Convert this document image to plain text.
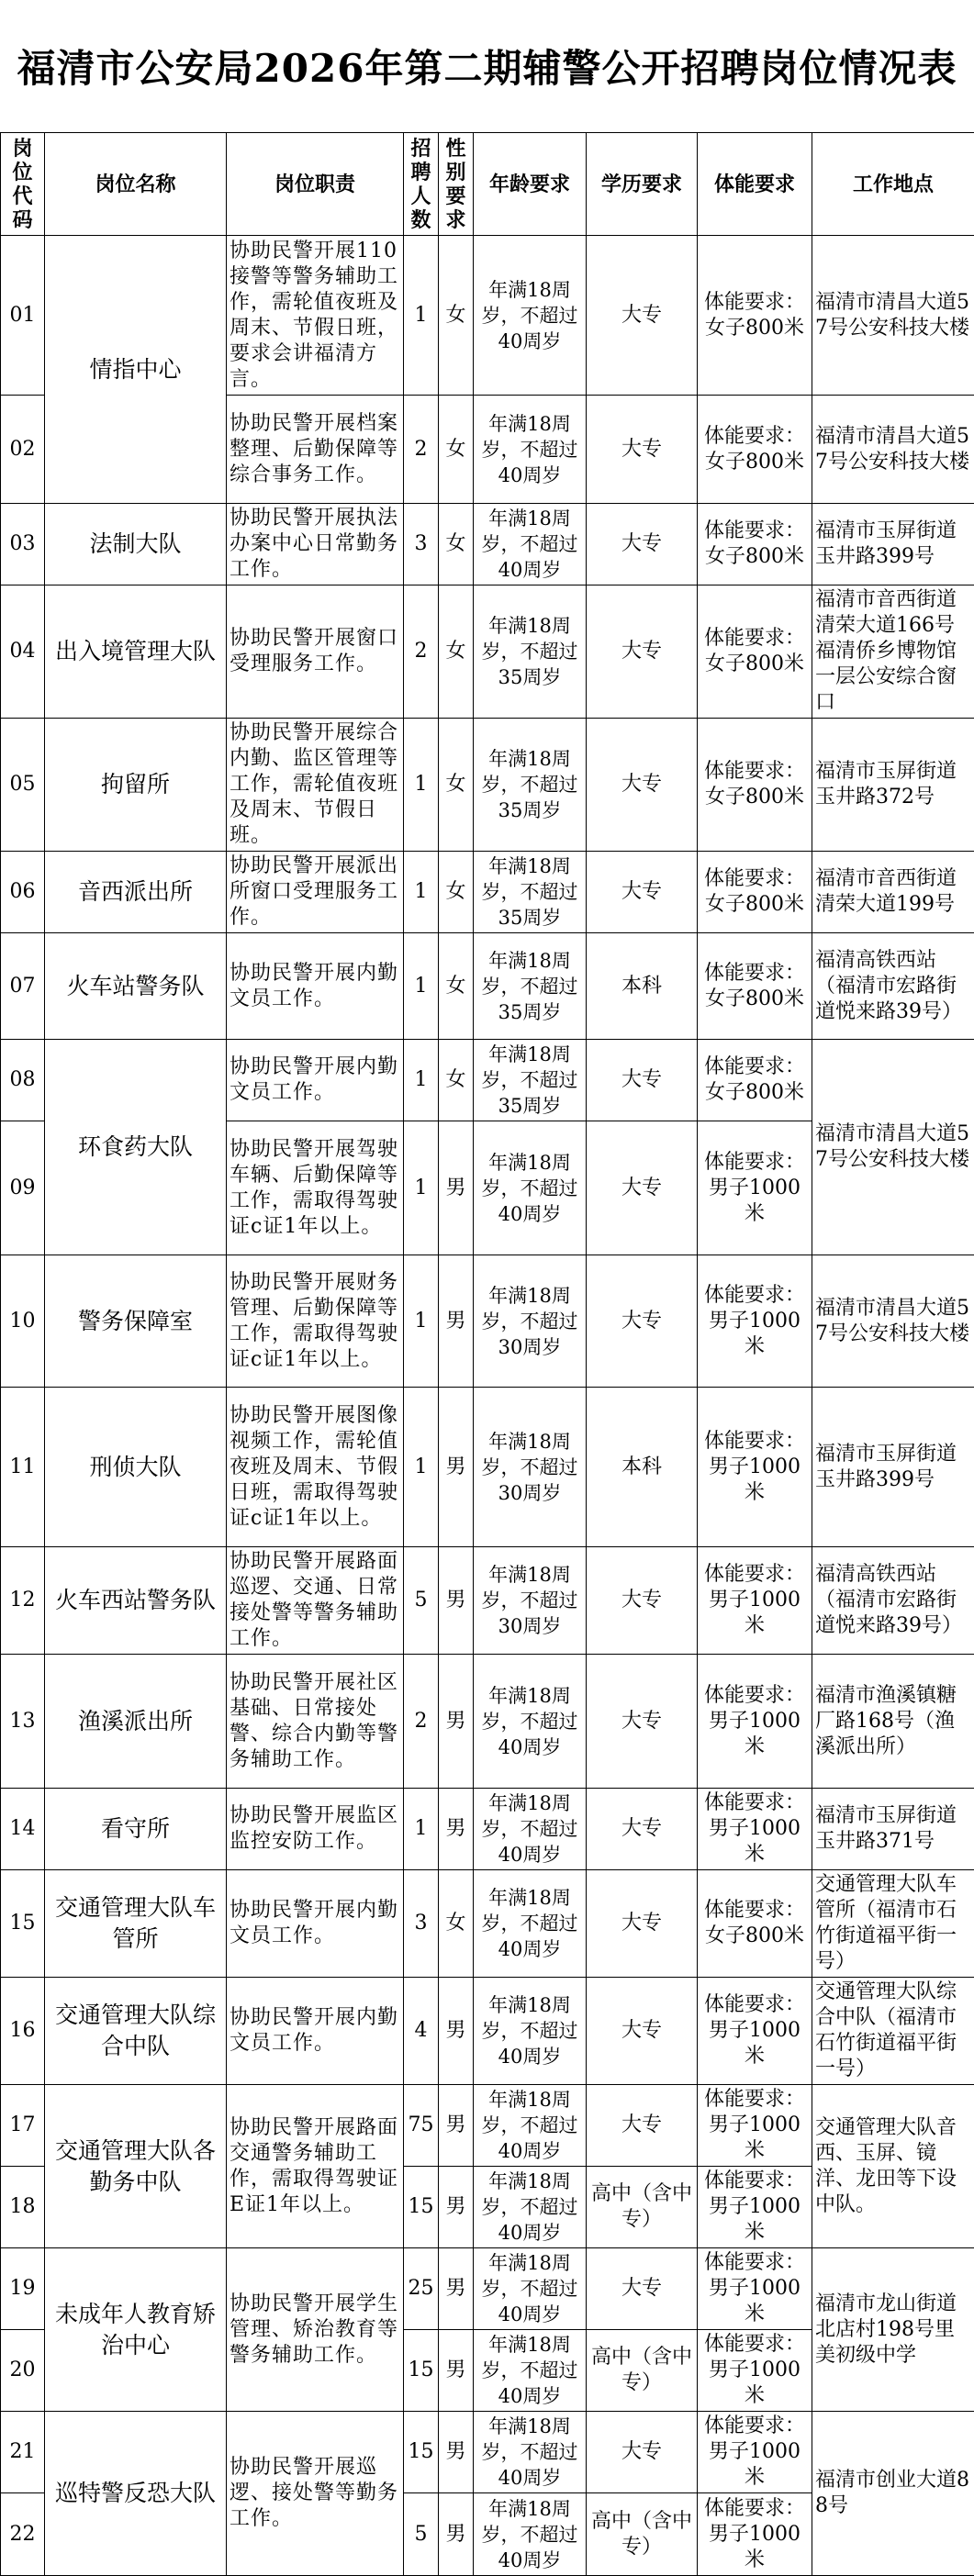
福清市公安局2026年第二期辅警公开招聘岗位情况表
岗位代码	岗位名称	岗位职责	招聘人数	性别要求	年龄要求	学历要求	体能要求	工作地点
01	情指中心	协助民警开展110接警等警务辅助工作，需轮值夜班及周末、节假日班，要求会讲福清方言。	1	女	年满18周岁，不超过40周岁	大专	体能要求：女子800米	福清市清昌大道57号公安科技大楼
02		协助民警开展档案整理、后勤保障等综合事务工作。	2	女	年满18周岁，不超过40周岁	大专	体能要求：女子800米	福清市清昌大道57号公安科技大楼
03	法制大队	协助民警开展执法办案中心日常勤务工作。	3	女	年满18周岁，不超过40周岁	大专	体能要求：女子800米	福清市玉屏街道玉井路399号
04	出入境管理大队	协助民警开展窗口受理服务工作。	2	女	年满18周岁，不超过35周岁	大专	体能要求：女子800米	福清市音西街道清荣大道166号福清侨乡博物馆一层公安综合窗口
05	拘留所	协助民警开展综合内勤、监区管理等工作，需轮值夜班及周末、节假日班。	1	女	年满18周岁，不超过35周岁	大专	体能要求：女子800米	福清市玉屏街道玉井路372号
06	音西派出所	协助民警开展派出所窗口受理服务工作。	1	女	年满18周岁，不超过35周岁	大专	体能要求：女子800米	福清市音西街道清荣大道199号
07	火车站警务队	协助民警开展内勤文员工作。	1	女	年满18周岁，不超过35周岁	本科	体能要求：女子800米	福清高铁西站（福清市宏路街道悦来路39号）
08	环食药大队	协助民警开展内勤文员工作。	1	女	年满18周岁，不超过35周岁	大专	体能要求：女子800米	福清市清昌大道57号公安科技大楼
09		协助民警开展驾驶车辆、后勤保障等工作，需取得驾驶证c证1年以上。	1	男	年满18周岁，不超过40周岁	大专	体能要求：男子1000米	
10	警务保障室	协助民警开展财务管理、后勤保障等工作，需取得驾驶证c证1年以上。	1	男	年满18周岁，不超过30周岁	大专	体能要求：男子1000米	福清市清昌大道57号公安科技大楼
11	刑侦大队	协助民警开展图像视频工作，需轮值夜班及周末、节假日班，需取得驾驶证c证1年以上。	1	男	年满18周岁，不超过30周岁	本科	体能要求：男子1000米	福清市玉屏街道玉井路399号
12	火车西站警务队	协助民警开展路面巡逻、交通、日常接处警等警务辅助工作。	5	男	年满18周岁，不超过30周岁	大专	体能要求：男子1000米	福清高铁西站（福清市宏路街道悦来路39号）
13	渔溪派出所	协助民警开展社区基础、日常接处警、综合内勤等警务辅助工作。	2	男	年满18周岁，不超过40周岁	大专	体能要求：男子1000米	福清市渔溪镇糖厂路168号（渔溪派出所）
14	看守所	协助民警开展监区监控安防工作。	1	男	年满18周岁，不超过40周岁	大专	体能要求：男子1000米	福清市玉屏街道玉井路371号
15	交通管理大队车管所	协助民警开展内勤文员工作。	3	女	年满18周岁，不超过40周岁	大专	体能要求：女子800米	交通管理大队车管所（福清市石竹街道福平街一号）
16	交通管理大队综合中队	协助民警开展内勤文员工作。	4	男	年满18周岁，不超过40周岁	大专	体能要求：男子1000米	交通管理大队综合中队（福清市石竹街道福平街一号）
17	交通管理大队各勤务中队	协助民警开展路面交通警务辅助工作，需取得驾驶证E证1年以上。	75	男	年满18周岁，不超过40周岁	大专	体能要求：男子1000米	交通管理大队音西、玉屏、镜洋、龙田等下设中队。
18			15	男	年满18周岁，不超过40周岁	高中（含中专）	体能要求：男子1000米	
19	未成年人教育矫治中心	协助民警开展学生管理、矫治教育等警务辅助工作。	25	男	年满18周岁，不超过40周岁	大专	体能要求：男子1000米	福清市龙山街道北店村198号里美初级中学
20			15	男	年满18周岁，不超过40周岁	高中（含中专）	体能要求：男子1000米	
21	巡特警反恐大队	协助民警开展巡逻、接处警等勤务工作。	15	男	年满18周岁，不超过40周岁	大专	体能要求：男子1000米	福清市创业大道88号
22			5	男	年满18周岁，不超过40周岁	高中（含中专）	体能要求：男子1000米	
